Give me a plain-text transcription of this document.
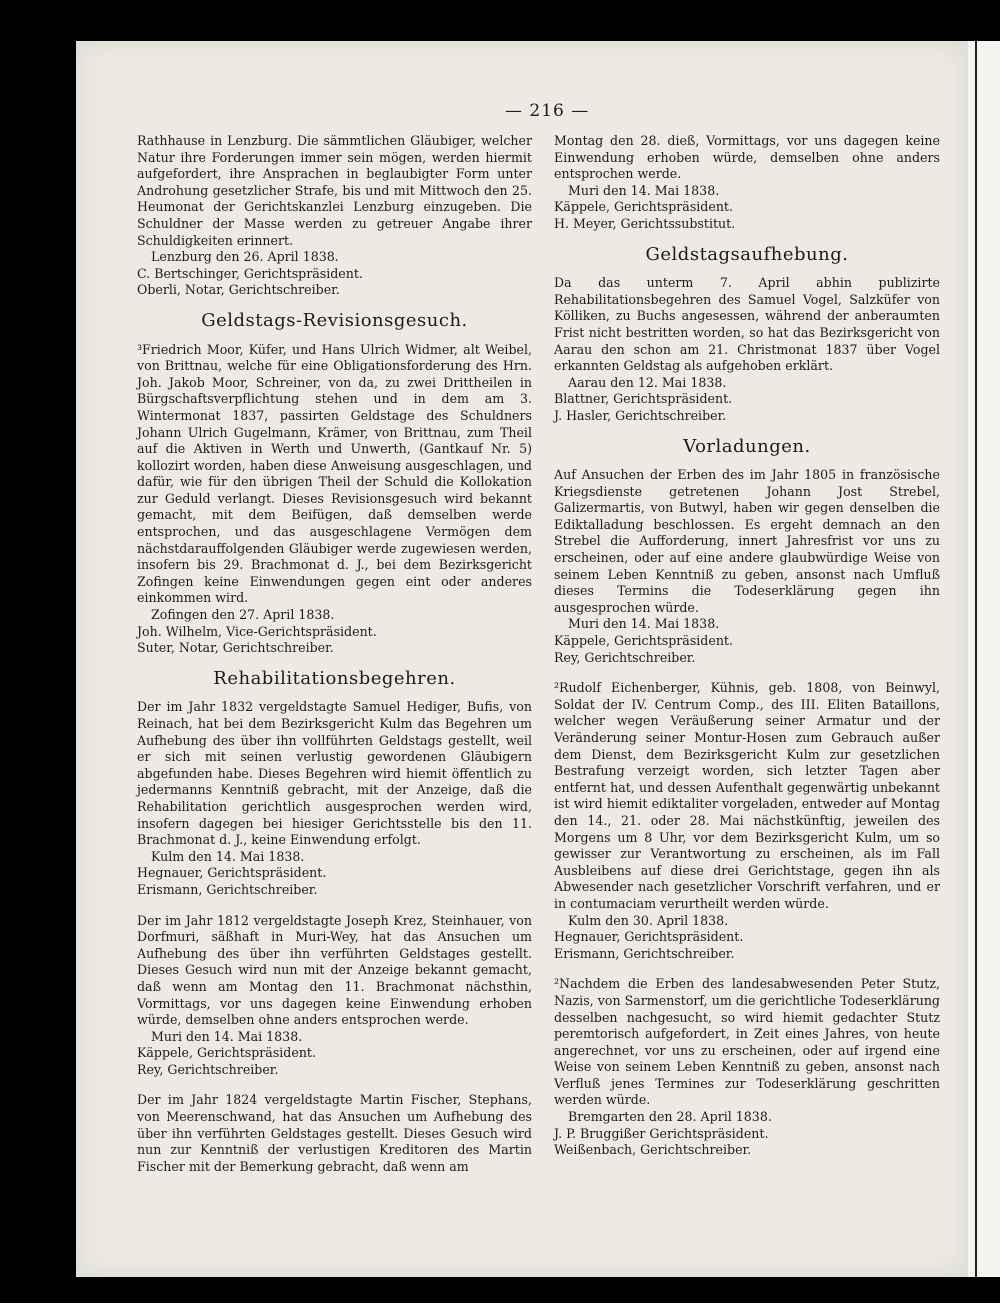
— 216 —

Rathhause in Lenzburg. Die sämmtlichen Gläubiger, welcher Natur ihre Forderungen immer sein mögen, werden hiermit aufgefordert, ihre Ansprachen in beglaubigter Form unter Androhung gesetzlicher Strafe, bis und mit Mittwoch den 25. Heumonat der Gerichtskanzlei Lenzburg einzugeben. Die Schuldner der Masse werden zu getreuer Angabe ihrer Schuldigkeiten erinnert.

Lenzburg den 26. April 1838.

C. Bertschinger, Gerichtspräsident.

Oberli, Notar, Gerichtschreiber.

Geldstags-Revisionsgesuch.

³Friedrich Moor, Küfer, und Hans Ulrich Widmer, alt Weibel, von Brittnau, welche für eine Obligationsforderung des Hrn. Joh. Jakob Moor, Schreiner, von da, zu zwei Drittheilen in Bürgschaftsverpflichtung stehen und in dem am 3. Wintermonat 1837, passirten Geldstage des Schuldners Johann Ulrich Gugelmann, Krämer, von Brittnau, zum Theil auf die Aktiven in Werth und Unwerth, (Gantkauf Nr. 5) kollozirt worden, haben diese Anweisung ausgeschlagen, und dafür, wie für den übrigen Theil der Schuld die Kollokation zur Geduld verlangt. Dieses Revisionsgesuch wird bekannt gemacht, mit dem Beifügen, daß demselben werde entsprochen, und das ausgeschlagene Vermögen dem nächstdarauffolgenden Gläubiger werde zugewiesen werden, insofern bis 29. Brachmonat d. J., bei dem Bezirksgericht Zofingen keine Einwendungen gegen eint oder anderes einkommen wird.

Zofingen den 27. April 1838.

Joh. Wilhelm, Vice-Gerichtspräsident.

Suter, Notar, Gerichtschreiber.

Rehabilitationsbegehren.

Der im Jahr 1832 vergeldstagte Samuel Hediger, Bufis, von Reinach, hat bei dem Bezirksgericht Kulm das Begehren um Aufhebung des über ihn vollführten Geldstags gestellt, weil er sich mit seinen verlustig gewordenen Gläubigern abgefunden habe. Dieses Begehren wird hiemit öffentlich zu jedermanns Kenntniß gebracht, mit der Anzeige, daß die Rehabilitation gerichtlich ausgesprochen werden wird, insofern dagegen bei hiesiger Gerichtsstelle bis den 11. Brachmonat d. J., keine Einwendung erfolgt.

Kulm den 14. Mai 1838.

Hegnauer, Gerichtspräsident.

Erismann, Gerichtschreiber.

Der im Jahr 1812 vergeldstagte Joseph Krez, Steinhauer, von Dorfmuri, säßhaft in Muri-Wey, hat das Ansuchen um Aufhebung des über ihn verführten Geldstages gestellt. Dieses Gesuch wird nun mit der Anzeige bekannt gemacht, daß wenn am Montag den 11. Brachmonat nächsthin, Vormittags, vor uns dagegen keine Einwendung erhoben würde, demselben ohne anders entsprochen werde.

Muri den 14. Mai 1838.

Käppele, Gerichtspräsident.

Rey, Gerichtschreiber.

Der im Jahr 1824 vergeldstagte Martin Fischer, Stephans, von Meerenschwand, hat das Ansuchen um Aufhebung des über ihn verführten Geldstages gestellt. Dieses Gesuch wird nun zur Kenntniß der verlustigen Kreditoren des Martin Fischer mit der Bemerkung gebracht, daß wenn am

Montag den 28. dieß, Vormittags, vor uns dagegen keine Einwendung erhoben würde, demselben ohne anders entsprochen werde.

Muri den 14. Mai 1838.

Käppele, Gerichtspräsident.

H. Meyer, Gerichtssubstitut.

Geldstagsaufhebung.

Da das unterm 7. April abhin publizirte Rehabilitationsbegehren des Samuel Vogel, Salzküfer von Kölliken, zu Buchs angesessen, während der anberaumten Frist nicht bestritten worden, so hat das Bezirksgericht von Aarau den schon am 21. Christmonat 1837 über Vogel erkannten Geldstag als aufgehoben erklärt.

Aarau den 12. Mai 1838.

Blattner, Gerichtspräsident.

J. Hasler, Gerichtschreiber.

Vorladungen.

Auf Ansuchen der Erben des im Jahr 1805 in französische Kriegsdienste getretenen Johann Jost Strebel, Galizermartis, von Butwyl, haben wir gegen denselben die Ediktalladung beschlossen. Es ergeht demnach an den Strebel die Aufforderung, innert Jahresfrist vor uns zu erscheinen, oder auf eine andere glaubwürdige Weise von seinem Leben Kenntniß zu geben, ansonst nach Umfluß dieses Termins die Todeserklärung gegen ihn ausgesprochen würde.

Muri den 14. Mai 1838.

Käppele, Gerichtspräsident.

Rey, Gerichtschreiber.

²Rudolf Eichenberger, Kühnis, geb. 1808, von Beinwyl, Soldat der IV. Centrum Comp., des III. Eliten Bataillons, welcher wegen Veräußerung seiner Armatur und der Veränderung seiner Montur-Hosen zum Gebrauch außer dem Dienst, dem Bezirksgericht Kulm zur gesetzlichen Bestrafung verzeigt worden, sich letzter Tagen aber entfernt hat, und dessen Aufenthalt gegenwärtig unbekannt ist wird hiemit ediktaliter vorgeladen, entweder auf Montag den 14., 21. oder 28. Mai nächstkünftig, jeweilen des Morgens um 8 Uhr, vor dem Bezirksgericht Kulm, um so gewisser zur Verantwortung zu erscheinen, als im Fall Ausbleibens auf diese drei Gerichtstage, gegen ihn als Abwesender nach gesetzlicher Vorschrift verfahren, und er in contumaciam verurtheilt werden würde.

Kulm den 30. April 1838.

Hegnauer, Gerichtspräsident.

Erismann, Gerichtschreiber.

²Nachdem die Erben des landesabwesenden Peter Stutz, Nazis, von Sarmenstorf, um die gerichtliche Todeserklärung desselben nachgesucht, so wird hiemit gedachter Stutz peremtorisch aufgefordert, in Zeit eines Jahres, von heute angerechnet, vor uns zu erscheinen, oder auf irgend eine Weise von seinem Leben Kenntniß zu geben, ansonst nach Verfluß jenes Termines zur Todeserklärung geschritten werden würde.

Bremgarten den 28. April 1838.

J. P. Bruggißer Gerichtspräsident.

Weißenbach, Gerichtschreiber.
